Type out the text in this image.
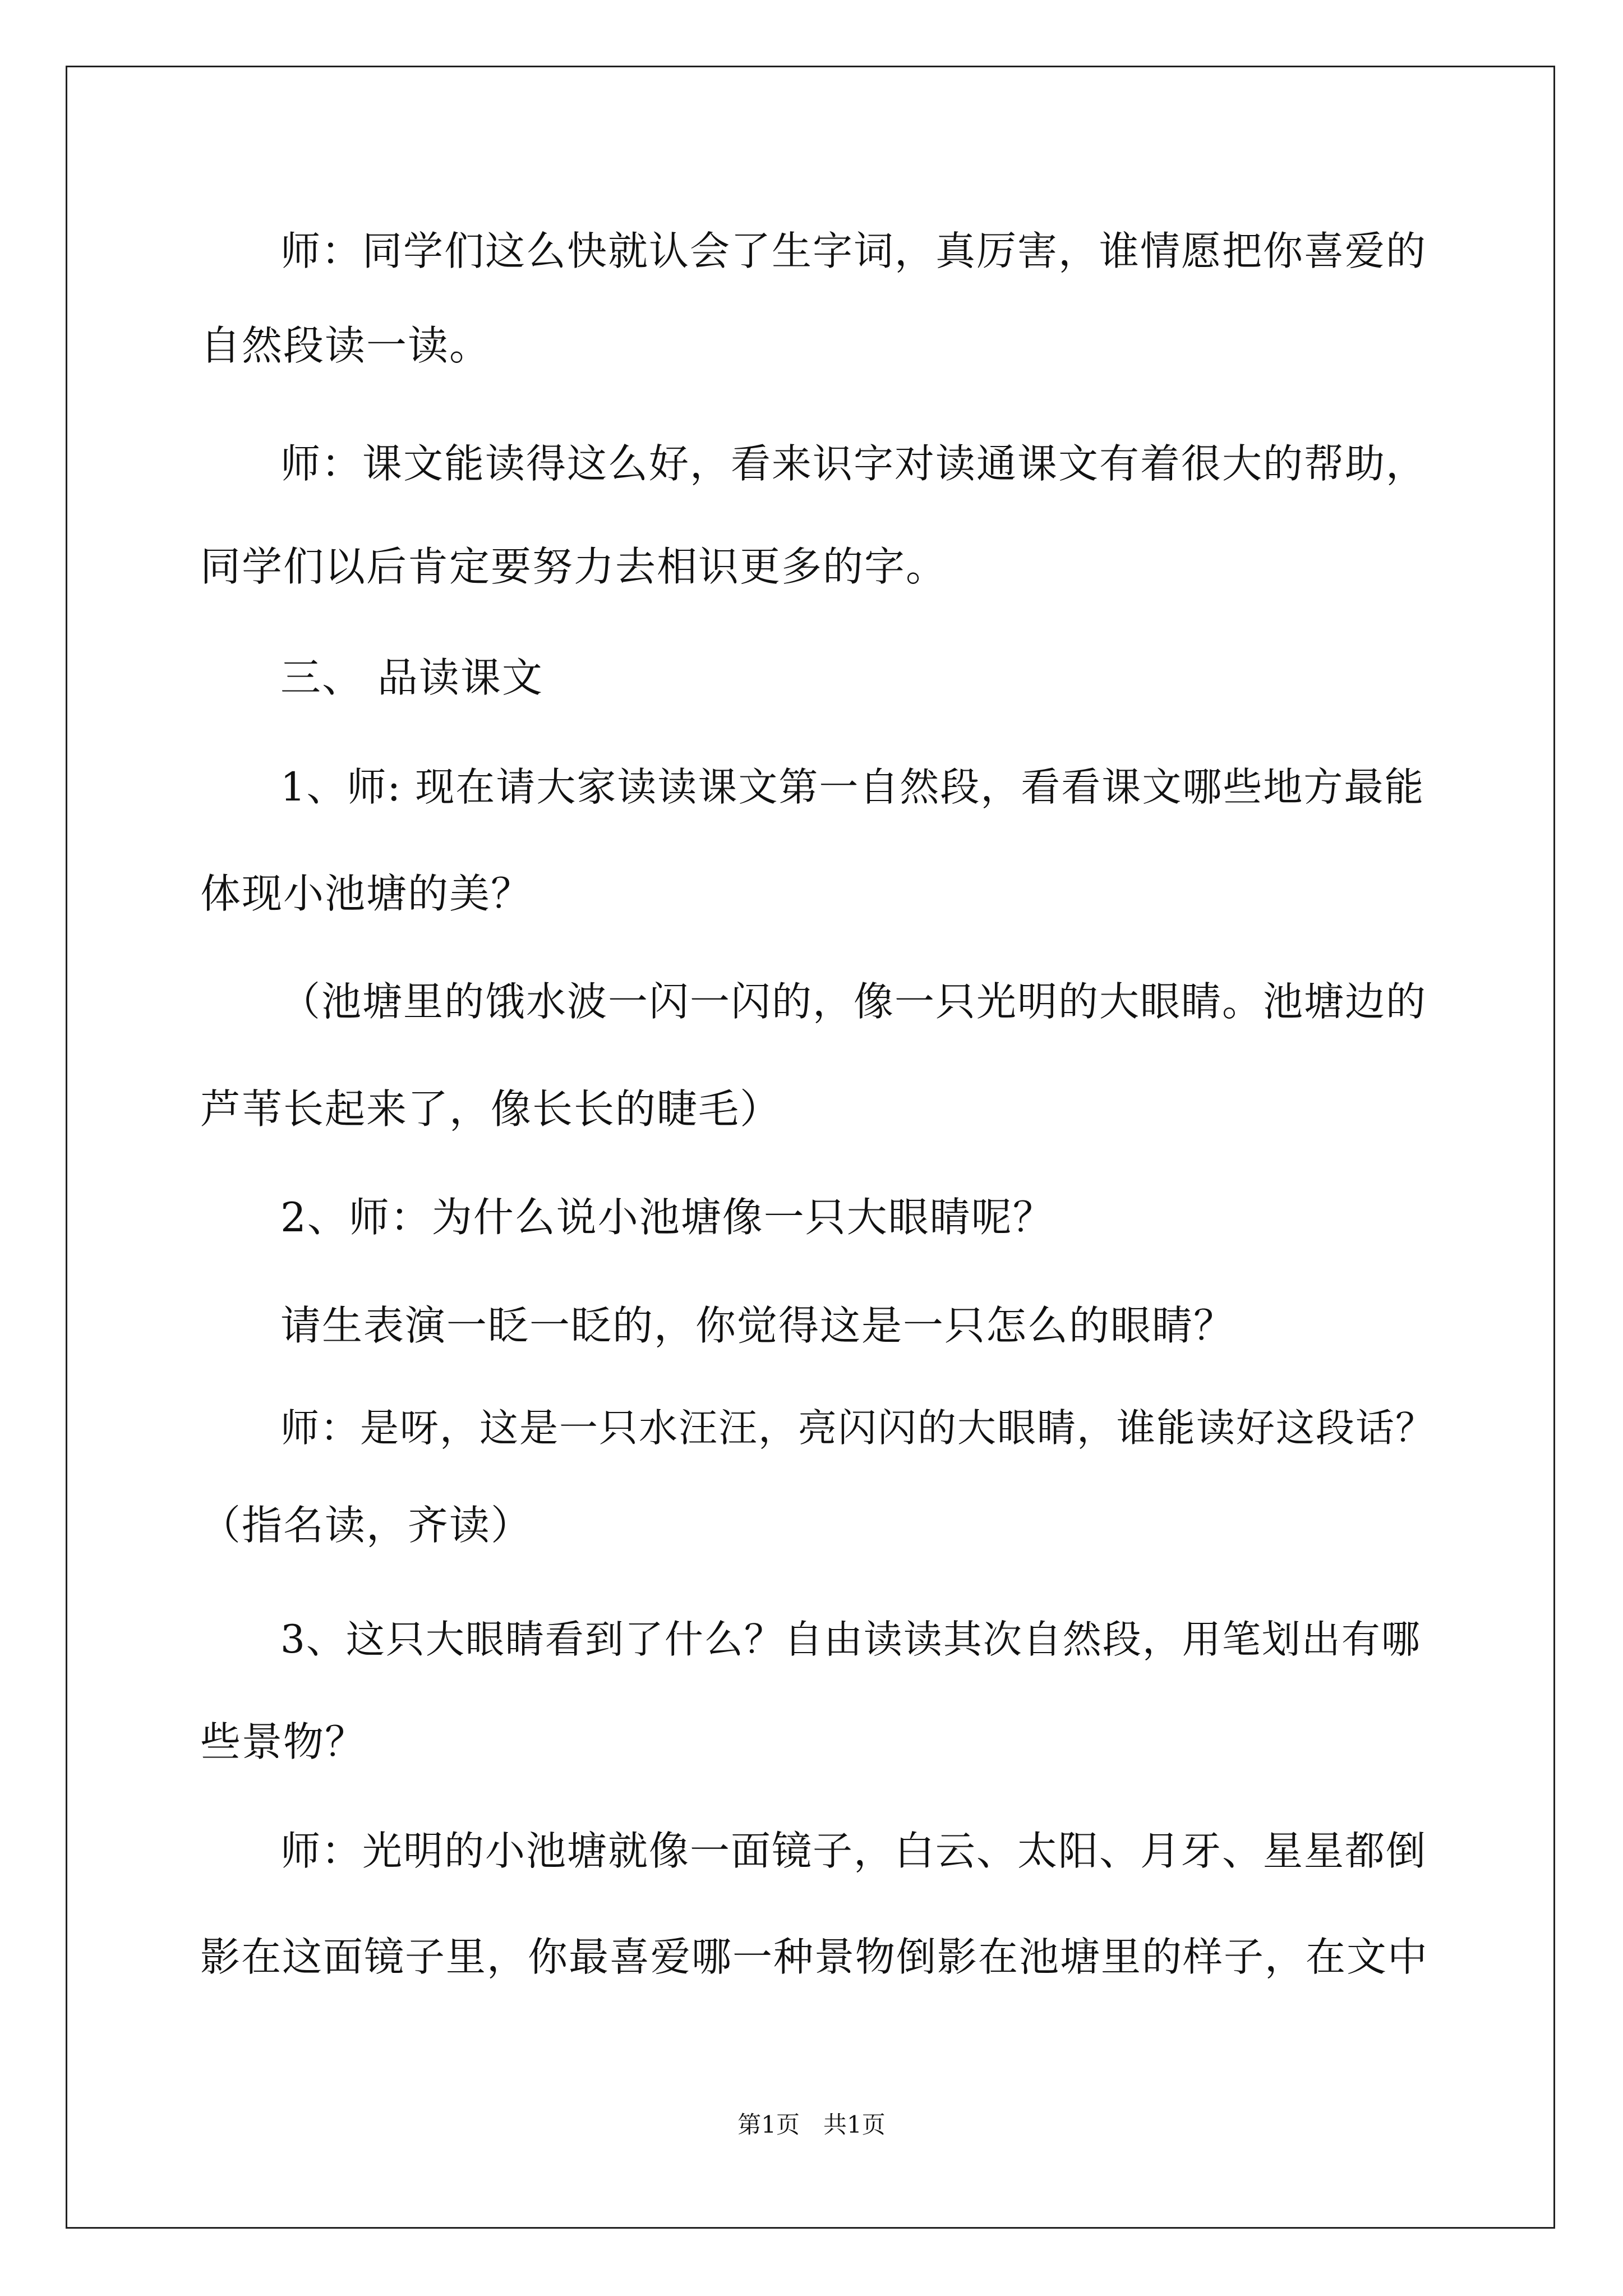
师：同学们这么快就认会了生字词，真厉害，谁情愿把你喜爱的

自然段读一读。

师：课文能读得这么好，看来识字对读通课文有着很大的帮助，

同学们以后肯定要努力去相识更多的字。

三、 品读课文

1、师: 现在请大家读读课文第一自然段，看看课文哪些地方最能

体现小池塘的美？

（池塘里的饿水波一闪一闪的，像一只光明的大眼睛。池塘边的

芦苇长起来了，像长长的睫毛）

2、师：为什么说小池塘像一只大眼睛呢？

请生表演一眨一眨的，你觉得这是一只怎么的眼睛？

师：是呀，这是一只水汪汪，亮闪闪的大眼睛，谁能读好这段话？

（指名读，齐读）

3、这只大眼睛看到了什么？自由读读其次自然段，用笔划出有哪

些景物？

师：光明的小池塘就像一面镜子，白云、太阳、月牙、星星都倒

影在这面镜子里，你最喜爱哪一种景物倒影在池塘里的样子，在文中

第1页　共1页
